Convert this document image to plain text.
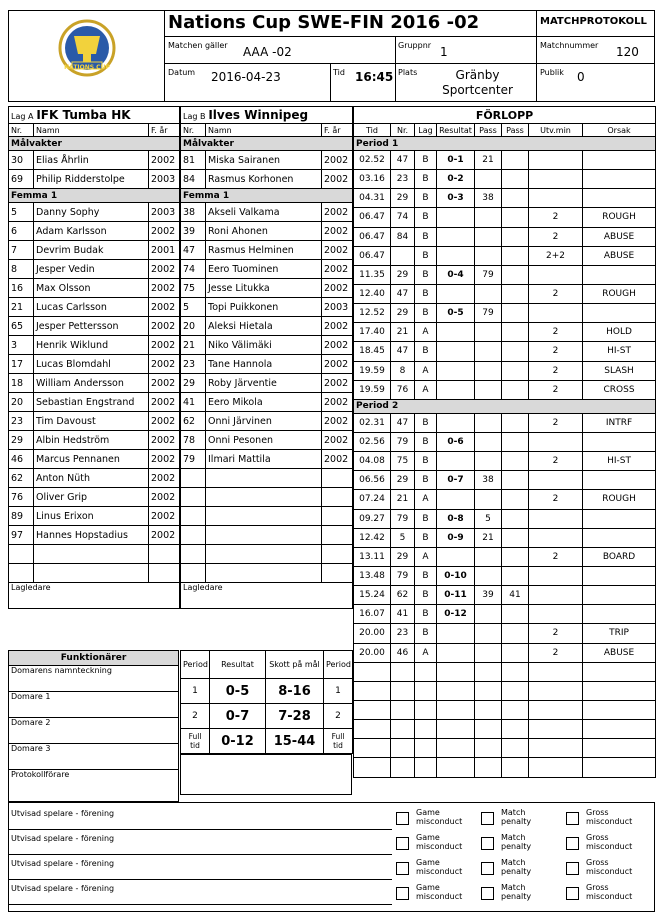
NATIONS CUP
Nations Cup SWE-FIN 2016 -02	MATCHPROTOKOLL
Matchen gäller AAA -02	Gruppnr 1	Matchnummer 120
Datum 2016-04-23	Tid 16:45 Plats	Gränby
Sportcenter
Publik 0
Lag A IFK Tumba HK		
Nr.	Namn	F. år
Målvakter		
30	Elias Åhrlin	2002
69	Philip Ridderstolpe	2003
Femma 1		
5	Danny Sophy	2003
6	Adam Karlsson	2002
7	Devrim Budak	2001
8	Jesper Vedin	2002
16	Max Olsson	2002
21	Lucas Carlsson	2002
65	Jesper Pettersson	2002
3	Henrik Wiklund	2002
17	Lucas Blomdahl	2002
18	William Andersson	2002
20	Sebastian Engstrand	2002
23	Tim Davoust	2002
29	Albin Hedström	2002
46	Marcus Pennanen	2002
62	Anton Nüth	2002
76	Oliver Grip	2002
89	Linus Erixon	2002
97	Hannes Hopstadius	2002

Lagledare		
Lag B Ilves Winnipeg		
Nr.	Namn	F. år
Målvakter		
81	Miska Sairanen	2002
84	Rasmus Korhonen	2002
Femma 1		
38	Akseli Valkama	2002
39	Roni Ahonen	2002
47	Rasmus Helminen	2002
74	Eero Tuominen	2002
75	Jesse Litukka	2002
5	Topi Puikkonen	2003
20	Aleksi Hietala	2002
21	Niko Välimäki	2002
23	Tane Hannola	2002
29	Roby Järventie	2002
41	Eero Mikola	2002
62	Onni Järvinen	2002
78	Onni Pesonen	2002
79	Ilmari Mattila	2002

Lagledare		
Funktionärer
Domarens namnteckning
Domare 1
Domare 2
Domare 3
Protokollförare
Period	Resultat	Skott på mål	Period
1	0-5	8-16	1
2	0-7	7-28	2
Full tid	0-12	15-44	Full tid
FÖRLOPP							
Tid	Nr.	Lag	Resultat	Pass	Pass	Utv.min	Orsak
Period 1							
02.52	47	B	0-1	21			
03.16	23	B	0-2				
04.31	29	B	0-3	38			
06.47	74	B				2	ROUGH
06.47	84	B				2	ABUSE
06.47		B				2+2	ABUSE
11.35	29	B	0-4	79			
12.40	47	B				2	ROUGH
12.52	29	B	0-5	79			
17.40	21	A				2	HOLD
18.45	47	B				2	HI-ST
19.59	8	A				2	SLASH
19.59	76	A				2	CROSS
Period 2							
02.31	47	B				2	INTRF
02.56	79	B	0-6				
04.08	75	B				2	HI-ST
06.56	29	B	0-7	38			
07.24	21	A				2	ROUGH
09.27	79	B	0-8	5			
12.42	5	B	0-9	21			
13.11	29	A				2	BOARD
13.48	79	B	0-10				
15.24	62	B	0-11	39	41		
16.07	41	B	0-12				
20.00	23	B				2	TRIP
20.00	46	A				2	ABUSE

Utvisad spelare - förening	Game
misconduct
Match
penalty
Gross
misconduct
Utvisad spelare - förening	Game
misconduct
Match
penalty
Gross
misconduct
Utvisad spelare - förening	Game
misconduct
Match
penalty
Gross
misconduct
Utvisad spelare - förening	Game
misconduct
Match
penalty
Gross
misconduct
